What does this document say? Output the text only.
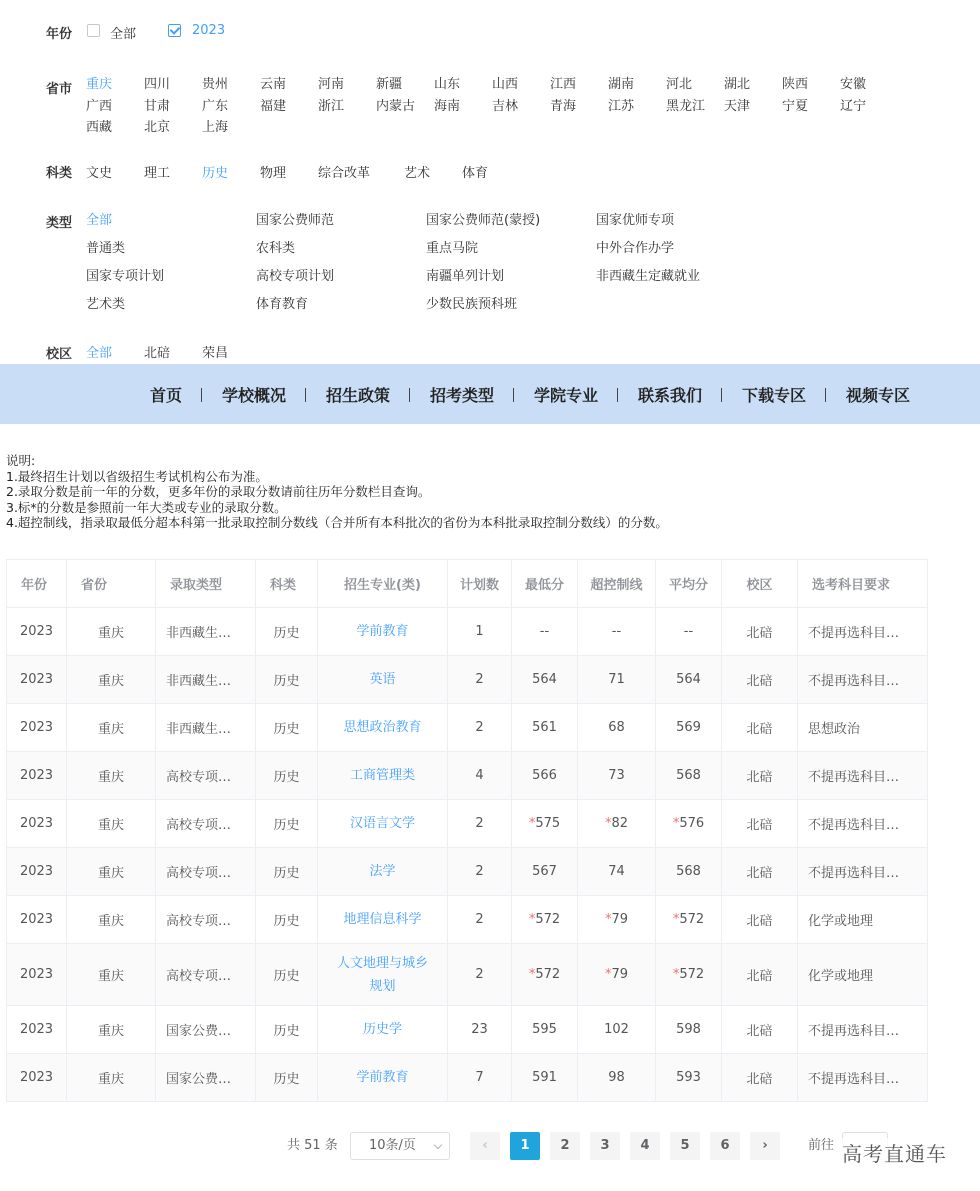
年份	全部	2023
省市 重庆 四川 贵州 云南 河南 新疆 山东 山西 江西 湖南 河北 湖北 陕西 安徽
广西 甘肃 广东 福建 浙江 内蒙古 海南 吉林 青海 江苏 黑龙江 天津 宁夏 辽宁
西藏 北京 上海
科类 文史 理工 历史 物理 综合改革	艺术 体育
类型 全部	国家公费师范	国家公费师范(蒙授)	国家优师专项
普通类	农科类	重点马院	中外合作办学
国家专项计划	高校专项计划	南疆单列计划	非西藏生定藏就业
艺术类	体育教育	少数民族预科班
校区 全部 北碚 荣昌
首页 学校概况 招生政策 招考类型 学院专业 联系我们 下载专区 视频专区
说明:
1.最终招生计划以省级招生考试机构公布为准。
2.录取分数是前一年的分数，更多年份的录取分数请前往历年分数栏目查询。
3.标*的分数是参照前一年大类或专业的录取分数。
4.超控制线，指录取最低分超本科第一批录取控制分数线（合并所有本科批次的省份为本科批录取控制分数线）的分数。
年份	省份	录取类型	科类	招生专业(类)	计划数	最低分	超控制线	平均分	校区	选考科目要求
2023	重庆	非西藏生…	历史	学前教育	1	--	--	--	北碚	不提再选科目…
2023	重庆	非西藏生…	历史	英语	2	564	71	564	北碚	不提再选科目…
2023	重庆	非西藏生…	历史	思想政治教育	2	561	68	569	北碚	思想政治
2023	重庆	高校专项…	历史	工商管理类	4	566	73	568	北碚	不提再选科目…
2023	重庆	高校专项…	历史	汉语言文学	2	*575	*82	*576	北碚	不提再选科目…
2023	重庆	高校专项…	历史	法学	2	567	74	568	北碚	不提再选科目…
2023	重庆	高校专项…	历史	地理信息科学	2	*572	*79	*572	北碚	化学或地理
2023	重庆	高校专项…	历史	人文地理与城乡规划	2	*572	*79	*572	北碚	化学或地理
2023	重庆	国家公费…	历史	历史学	23	595	102	598	北碚	不提再选科目…
2023	重庆	国家公费…	历史	学前教育	7	591	98	593	北碚	不提再选科目…
共 51 条	10条/页	‹	1	2	3	4	5	6	›	前往 高考直通车
